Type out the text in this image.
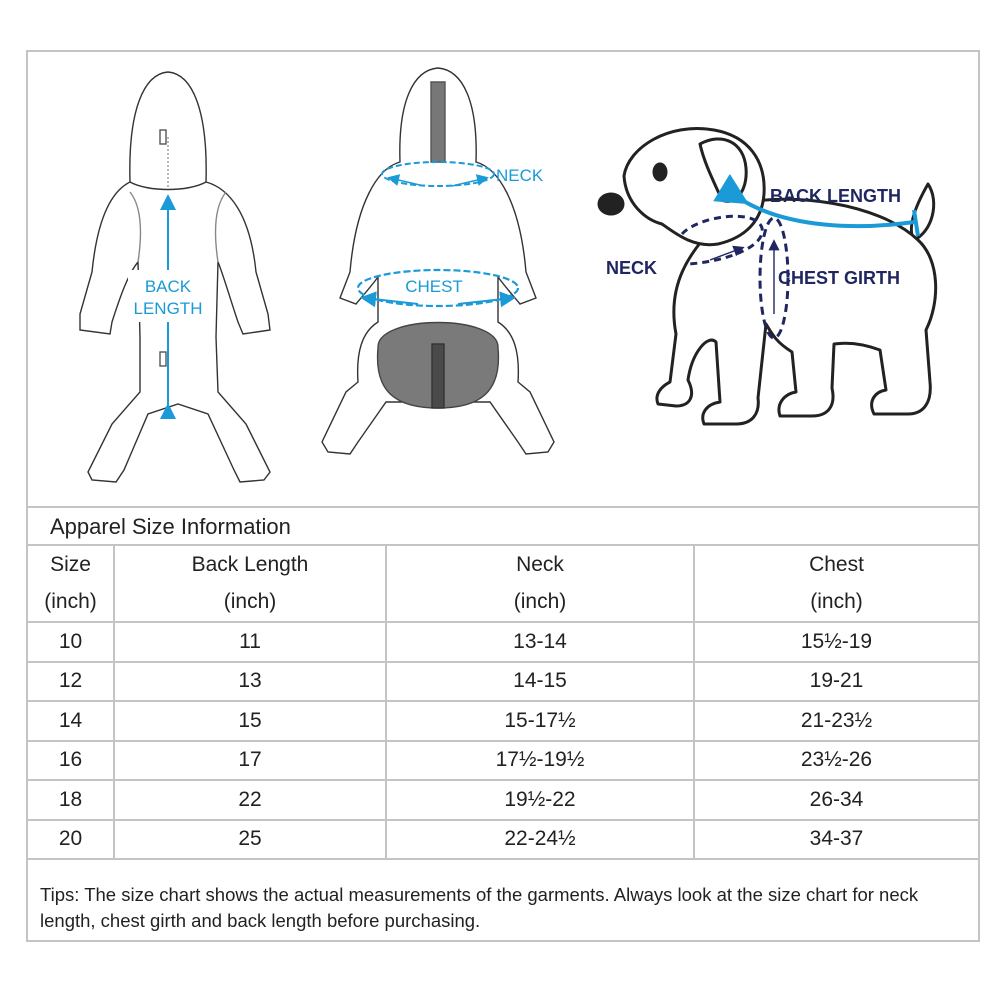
BACK
LENGTH
NECK
CHEST
NECK
BACK LENGTH
CHEST GIRTH
Apparel Size Information
Size	Back Length	Neck	Chest
(inch)	(inch)	(inch)	(inch)
10	11	13-14	15½-19
12	13	14-15	19-21
14	15	15-17½	21-23½
16	17	17½-19½	23½-26
18	22	19½-22	26-34
20	25	22-24½	34-37
Tips: The size chart shows the actual measurements of the garments. Always look at the size chart for neck length, chest girth and back length before purchasing.
